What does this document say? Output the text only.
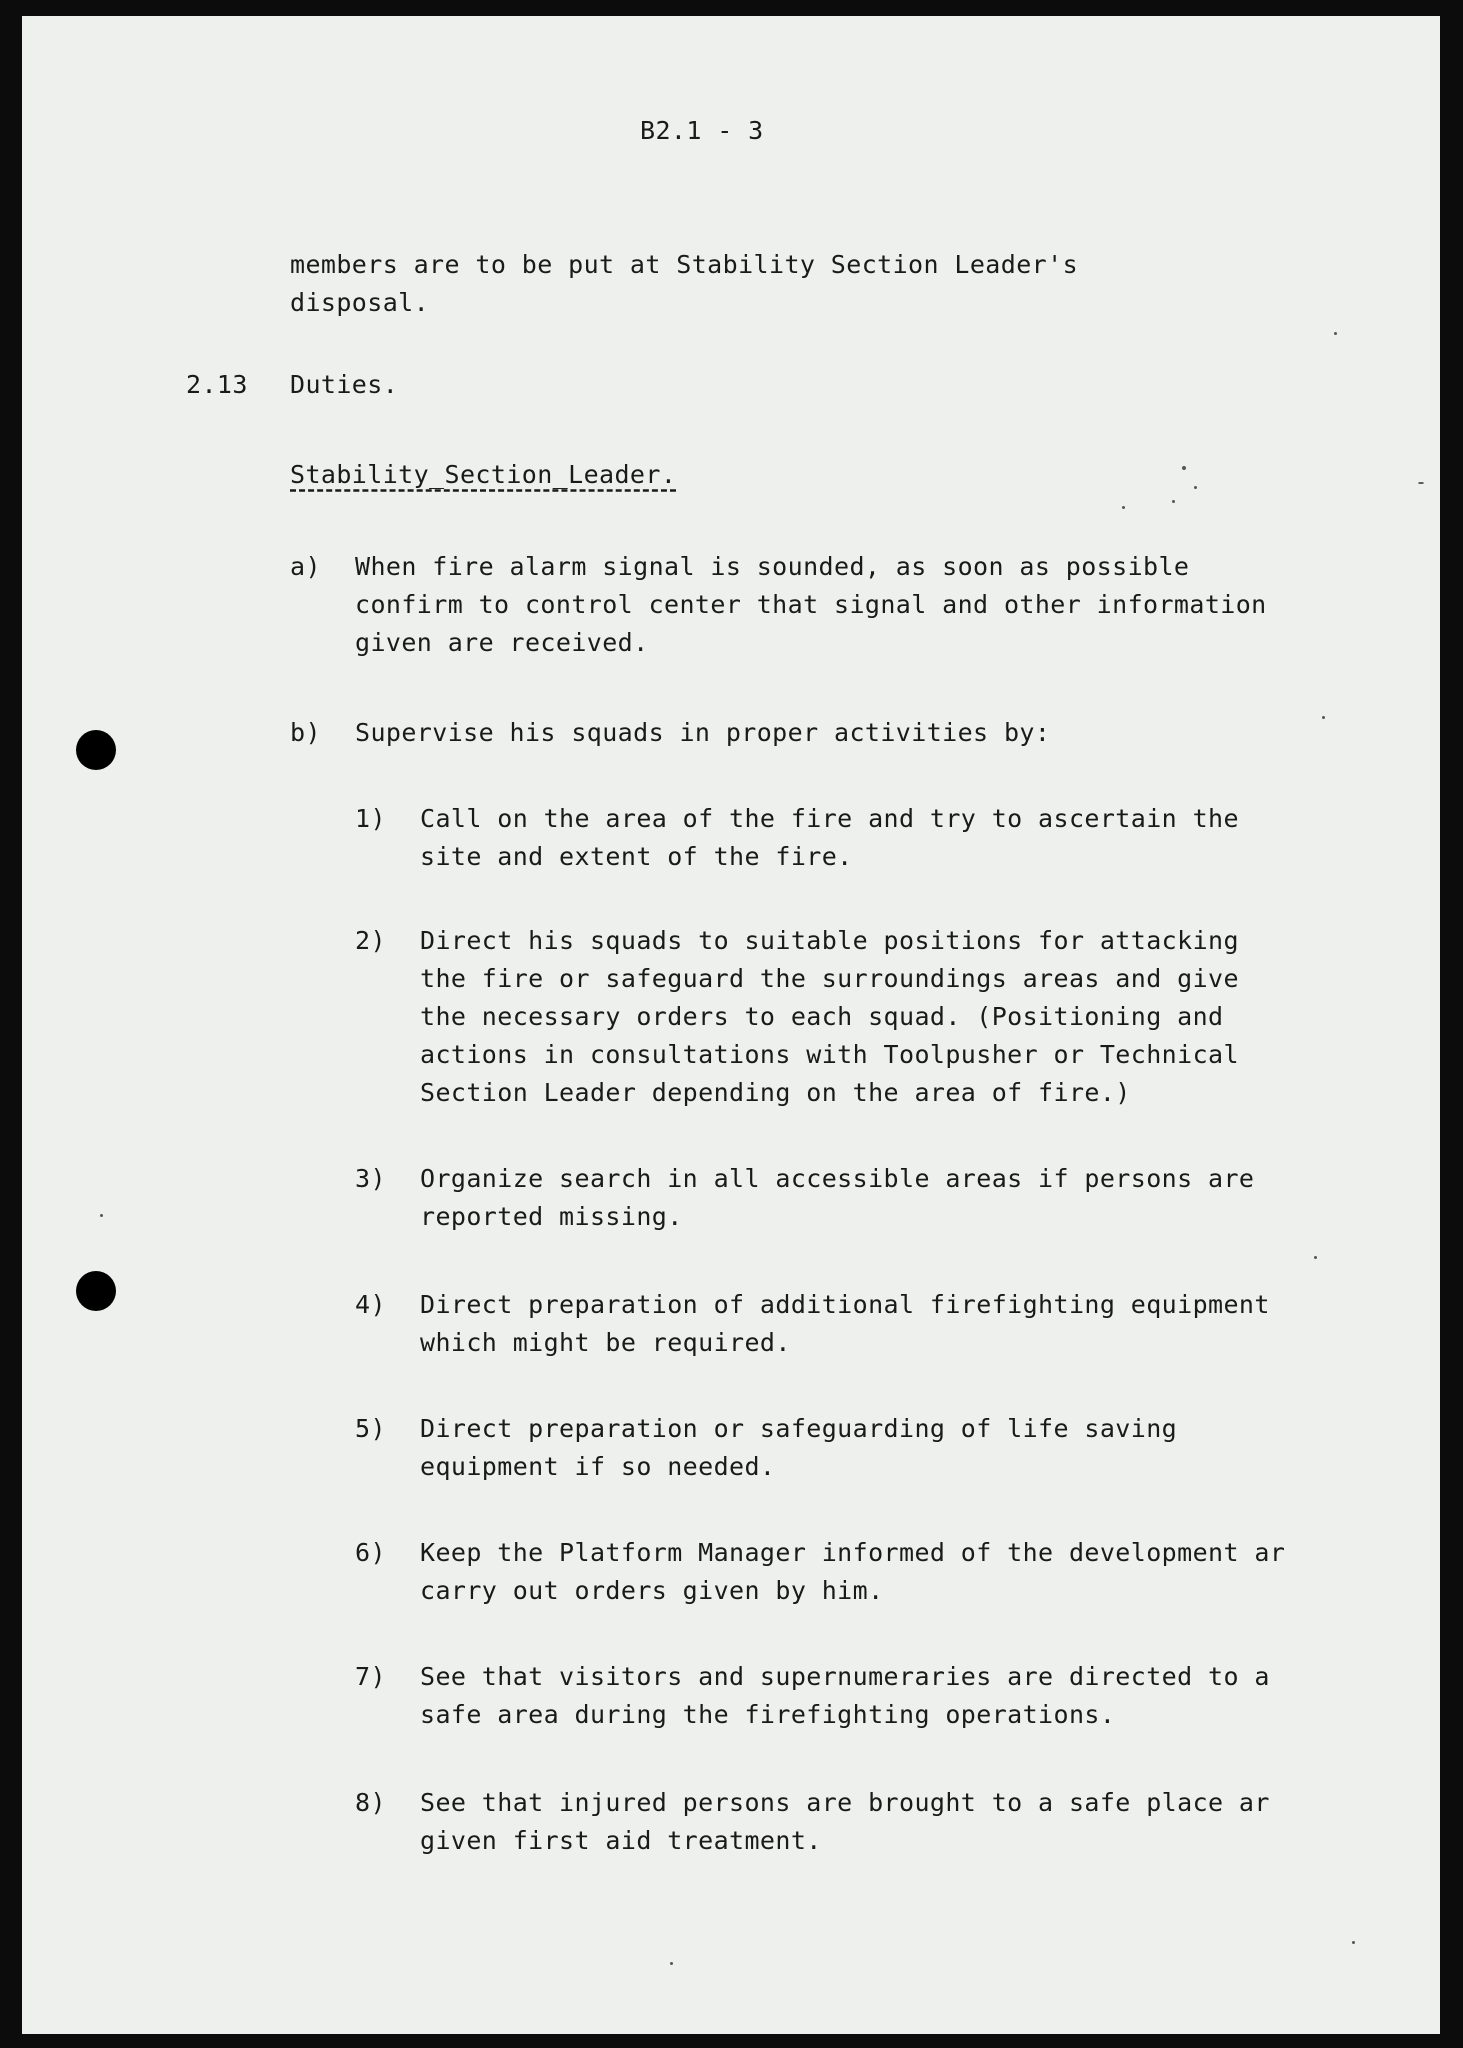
B2.1 - 3

members are to be put at Stability Section Leader's

disposal.

2.13 Duties.

Stability_Section_Leader.

a) When fire alarm signal is sounded, as soon as possible

confirm to control center that signal and other information

given are received.

b) Supervise his squads in proper activities by:

1) Call on the area of the fire and try to ascertain the

site and extent of the fire.

2) Direct his squads to suitable positions for attacking

the fire or safeguard the surroundings areas and give

the necessary orders to each squad. (Positioning and

actions in consultations with Toolpusher or Technical

Section Leader depending on the area of fire.)

3) Organize search in all accessible areas if persons are

reported missing.

4) Direct preparation of additional firefighting equipment

which might be required.

5) Direct preparation or safeguarding of life saving

equipment if so needed.

6) Keep the Platform Manager informed of the development ar

carry out orders given by him.

7) See that visitors and supernumeraries are directed to a

safe area during the firefighting operations.

8) See that injured persons are brought to a safe place ar

given first aid treatment.
